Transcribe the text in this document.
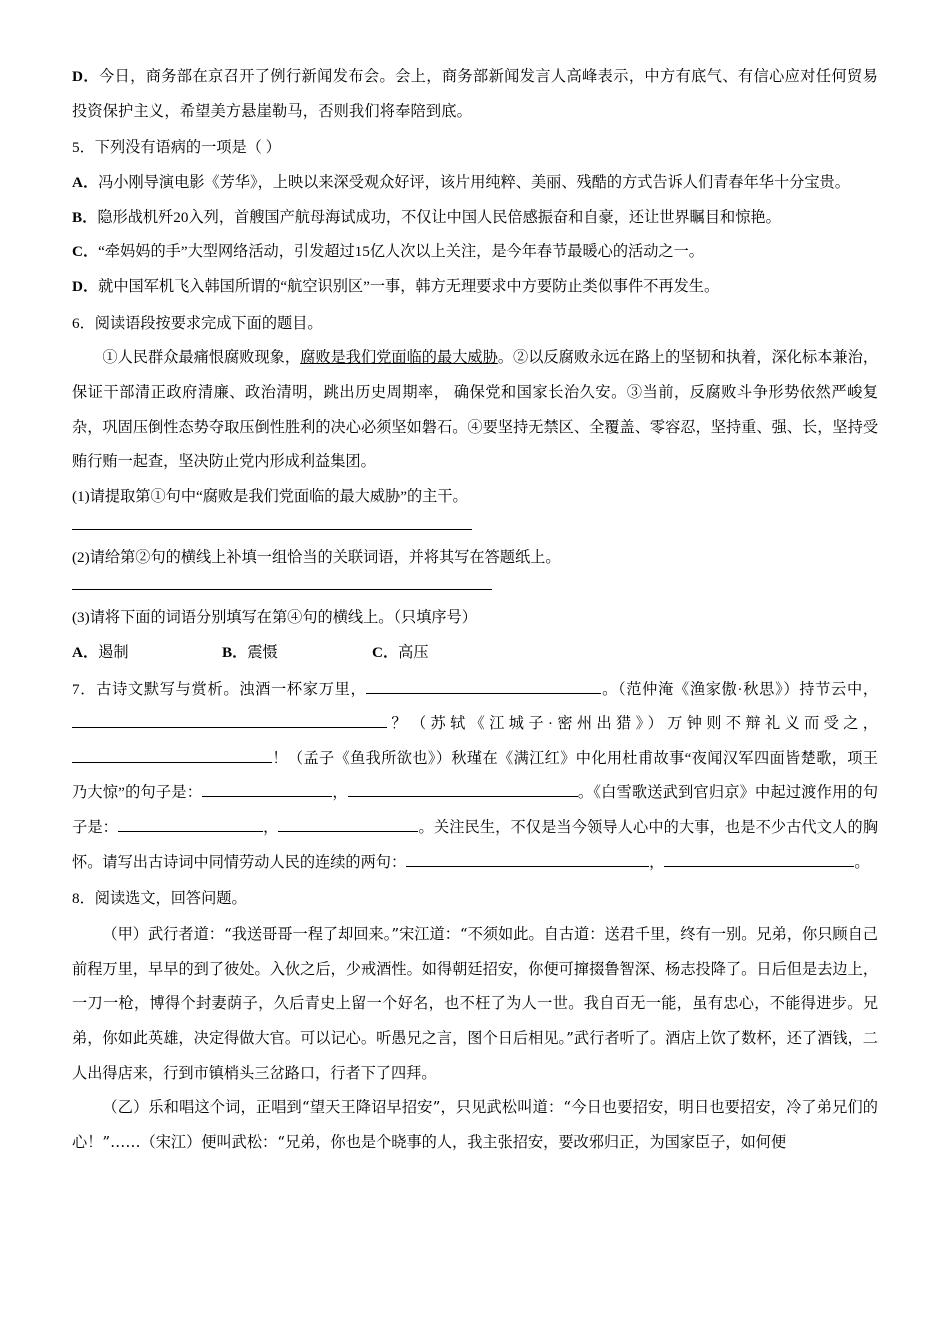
D．今日，商务部在京召开了例行新闻发布会。会上，商务部新闻发言人高峰表示，中方有底气、有信心应对任何贸易投资保护主义，希望美方悬崖勒马，否则我们将奉陪到底。
5．下列没有语病的一项是（ ）
A．冯小刚导演电影《芳华》，上映以来深受观众好评，该片用纯粹、美丽、残酷的方式告诉人们青春年华十分宝贵。
B．隐形战机歼20入列，首艘国产航母海试成功，不仅让中国人民倍感振奋和自豪，还让世界瞩目和惊艳。
C．“牵妈妈的手”大型网络活动，引发超过15亿人次以上关注，是今年春节最暖心的活动之一。
D．就中国军机飞入韩国所谓的“航空识别区”一事，韩方无理要求中方要防止类似事件不再发生。
6．阅读语段按要求完成下面的题目。
①人民群众最痛恨腐败现象，腐败是我们党面临的最大威胁。②以反腐败永远在路上的坚韧和执着，深化标本兼治，保证干部清正政府清廉、政治清明，跳出历史周期率， 确保党和国家长治久安。③当前，反腐败斗争形势依然严峻复杂，巩固压倒性态势夺取压倒性胜利的决心必须坚如磐石。④要坚持无禁区、全覆盖、零容忍，坚持重、强、长，坚持受贿行贿一起查，坚决防止党内形成利益集团。
(1)请提取第①句中“腐败是我们党面临的最大威胁”的主干。
(2)请给第②句的横线上补填一组恰当的关联词语，并将其写在答题纸上。
(3)请将下面的词语分别填写在第④句的横线上。（只填序号）
A．遏制	B．震慑	C．高压
7．古诗文默写与赏析。浊酒一杯家万里，	。（范仲淹《渔家傲·秋思》）持节云中，？（苏轼《江城子·密州出猎》）万钟则不辩礼义而受之，！（孟子《鱼我所欲也》）秋瑾在《满江红》中化用杜甫故事“夜闻汉军四面皆楚歌，项王乃大惊”的句子是：	，	。《白雪歌送武到官归京》中起过渡作用的句子是：	，	。关注民生，不仅是当今领导人心中的大事，也是不少古代文人的胸怀。请写出古诗词中同情劳动人民的连续的两句：	，	。
8．阅读选文，回答问题。
（甲）武行者道：“我送哥哥一程了却回来。”宋江道：“不须如此。自古道：送君千里，终有一别。兄弟，你只顾自己前程万里，早早的到了彼处。入伙之后，少戒酒性。如得朝廷招安，你便可撺掇鲁智深、杨志投降了。日后但是去边上，一刀一枪，博得个封妻荫子，久后青史上留一个好名，也不枉了为人一世。我自百无一能，虽有忠心，不能得进步。兄弟，你如此英雄，决定得做大官。可以记心。听愚兄之言，图个日后相见。”武行者听了。酒店上饮了数杯，还了酒钱，二人出得店来，行到市镇梢头三岔路口，行者下了四拜。
（乙）乐和唱这个词，正唱到“望天王降诏早招安”，只见武松叫道：“今日也要招安，明日也要招安，冷了弟兄们的心！”……（宋江）便叫武松：“兄弟，你也是个晓事的人，我主张招安，要改邪归正，为国家臣子，如何便
